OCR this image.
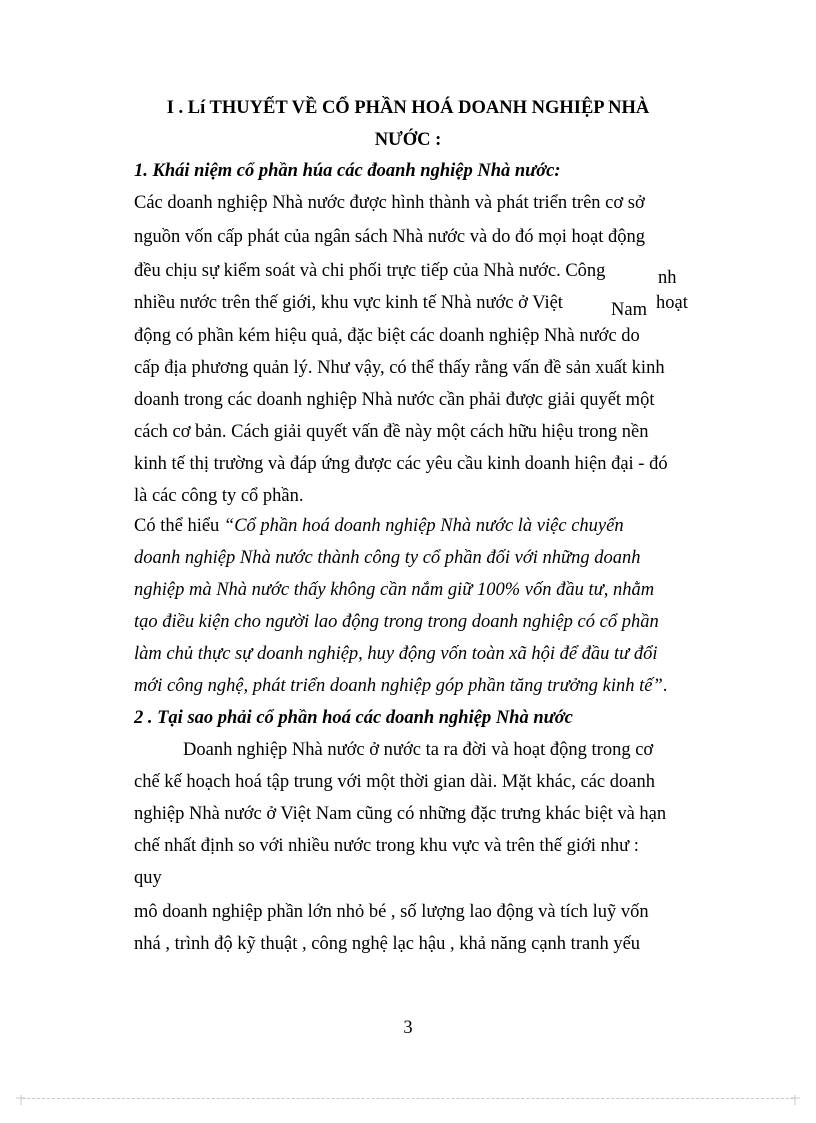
I . Lí THUYẾT VỀ CỔ PHẦN HOÁ DOANH NGHIỆP NHÀ
NƯỚC :
1. Khái niệm cổ phần húa các đoanh nghiệp Nhà nước:
Các doanh nghiệp Nhà nước được hình thành và phát triển trên cơ sở
nguồn vốn cấp phát của ngân sách Nhà nước và do đó mọi hoạt động
đều chịu sự kiểm soát và chi phối trực tiếp của Nhà nước. Công	nh
nhiều nước trên thế giới, khu vực kinh tế Nhà nước ở Việt	Nam hoạt
động có phần kém hiệu quả, đặc biệt các doanh nghiệp Nhà nước do
cấp địa phương quản lý. Như vậy, có thể thấy rằng vấn đề sản xuất kinh
doanh trong các doanh nghiệp Nhà nước cần phải được giải quyết một
cách cơ bản. Cách giải quyết vấn đề này một cách hữu hiệu trong nền
kinh tế thị trường và đáp ứng được các yêu cầu kinh doanh hiện đại - đó
là các công ty cổ phần.
Có thể hiểu “Cổ phần hoá doanh nghiệp Nhà nước là việc chuyển
doanh nghiệp Nhà nước thành công ty cổ phần đối với những doanh
nghiệp mà Nhà nước thấy không cần nắm giữ 100% vốn đầu tư, nhằm
tạo điều kiện cho người lao động trong trong doanh nghiệp có cổ phần
làm chủ thực sự doanh nghiệp, huy động vốn toàn xã hội để đầu tư đổi
mới công nghệ, phát triển doanh nghiệp góp phần tăng trưởng kinh tế”.
2 . Tại sao phải cổ phần hoá các doanh nghiệp Nhà nước
Doanh nghiệp Nhà nước ở nước ta ra đời và hoạt động trong cơ
chế kế hoạch hoá tập trung với một thời gian dài. Mặt khác, các doanh
nghiệp Nhà nước ở Việt Nam cũng có những đặc trưng khác biệt và hạn
chế nhất định so với nhiều nước trong khu vực và trên thế giới như :
quy
mô doanh nghiệp phần lớn nhỏ bé , số lượng lao động và tích luỹ vốn
nhá , trình độ kỹ thuật , công nghệ lạc hậu , khả năng cạnh tranh yếu
3
